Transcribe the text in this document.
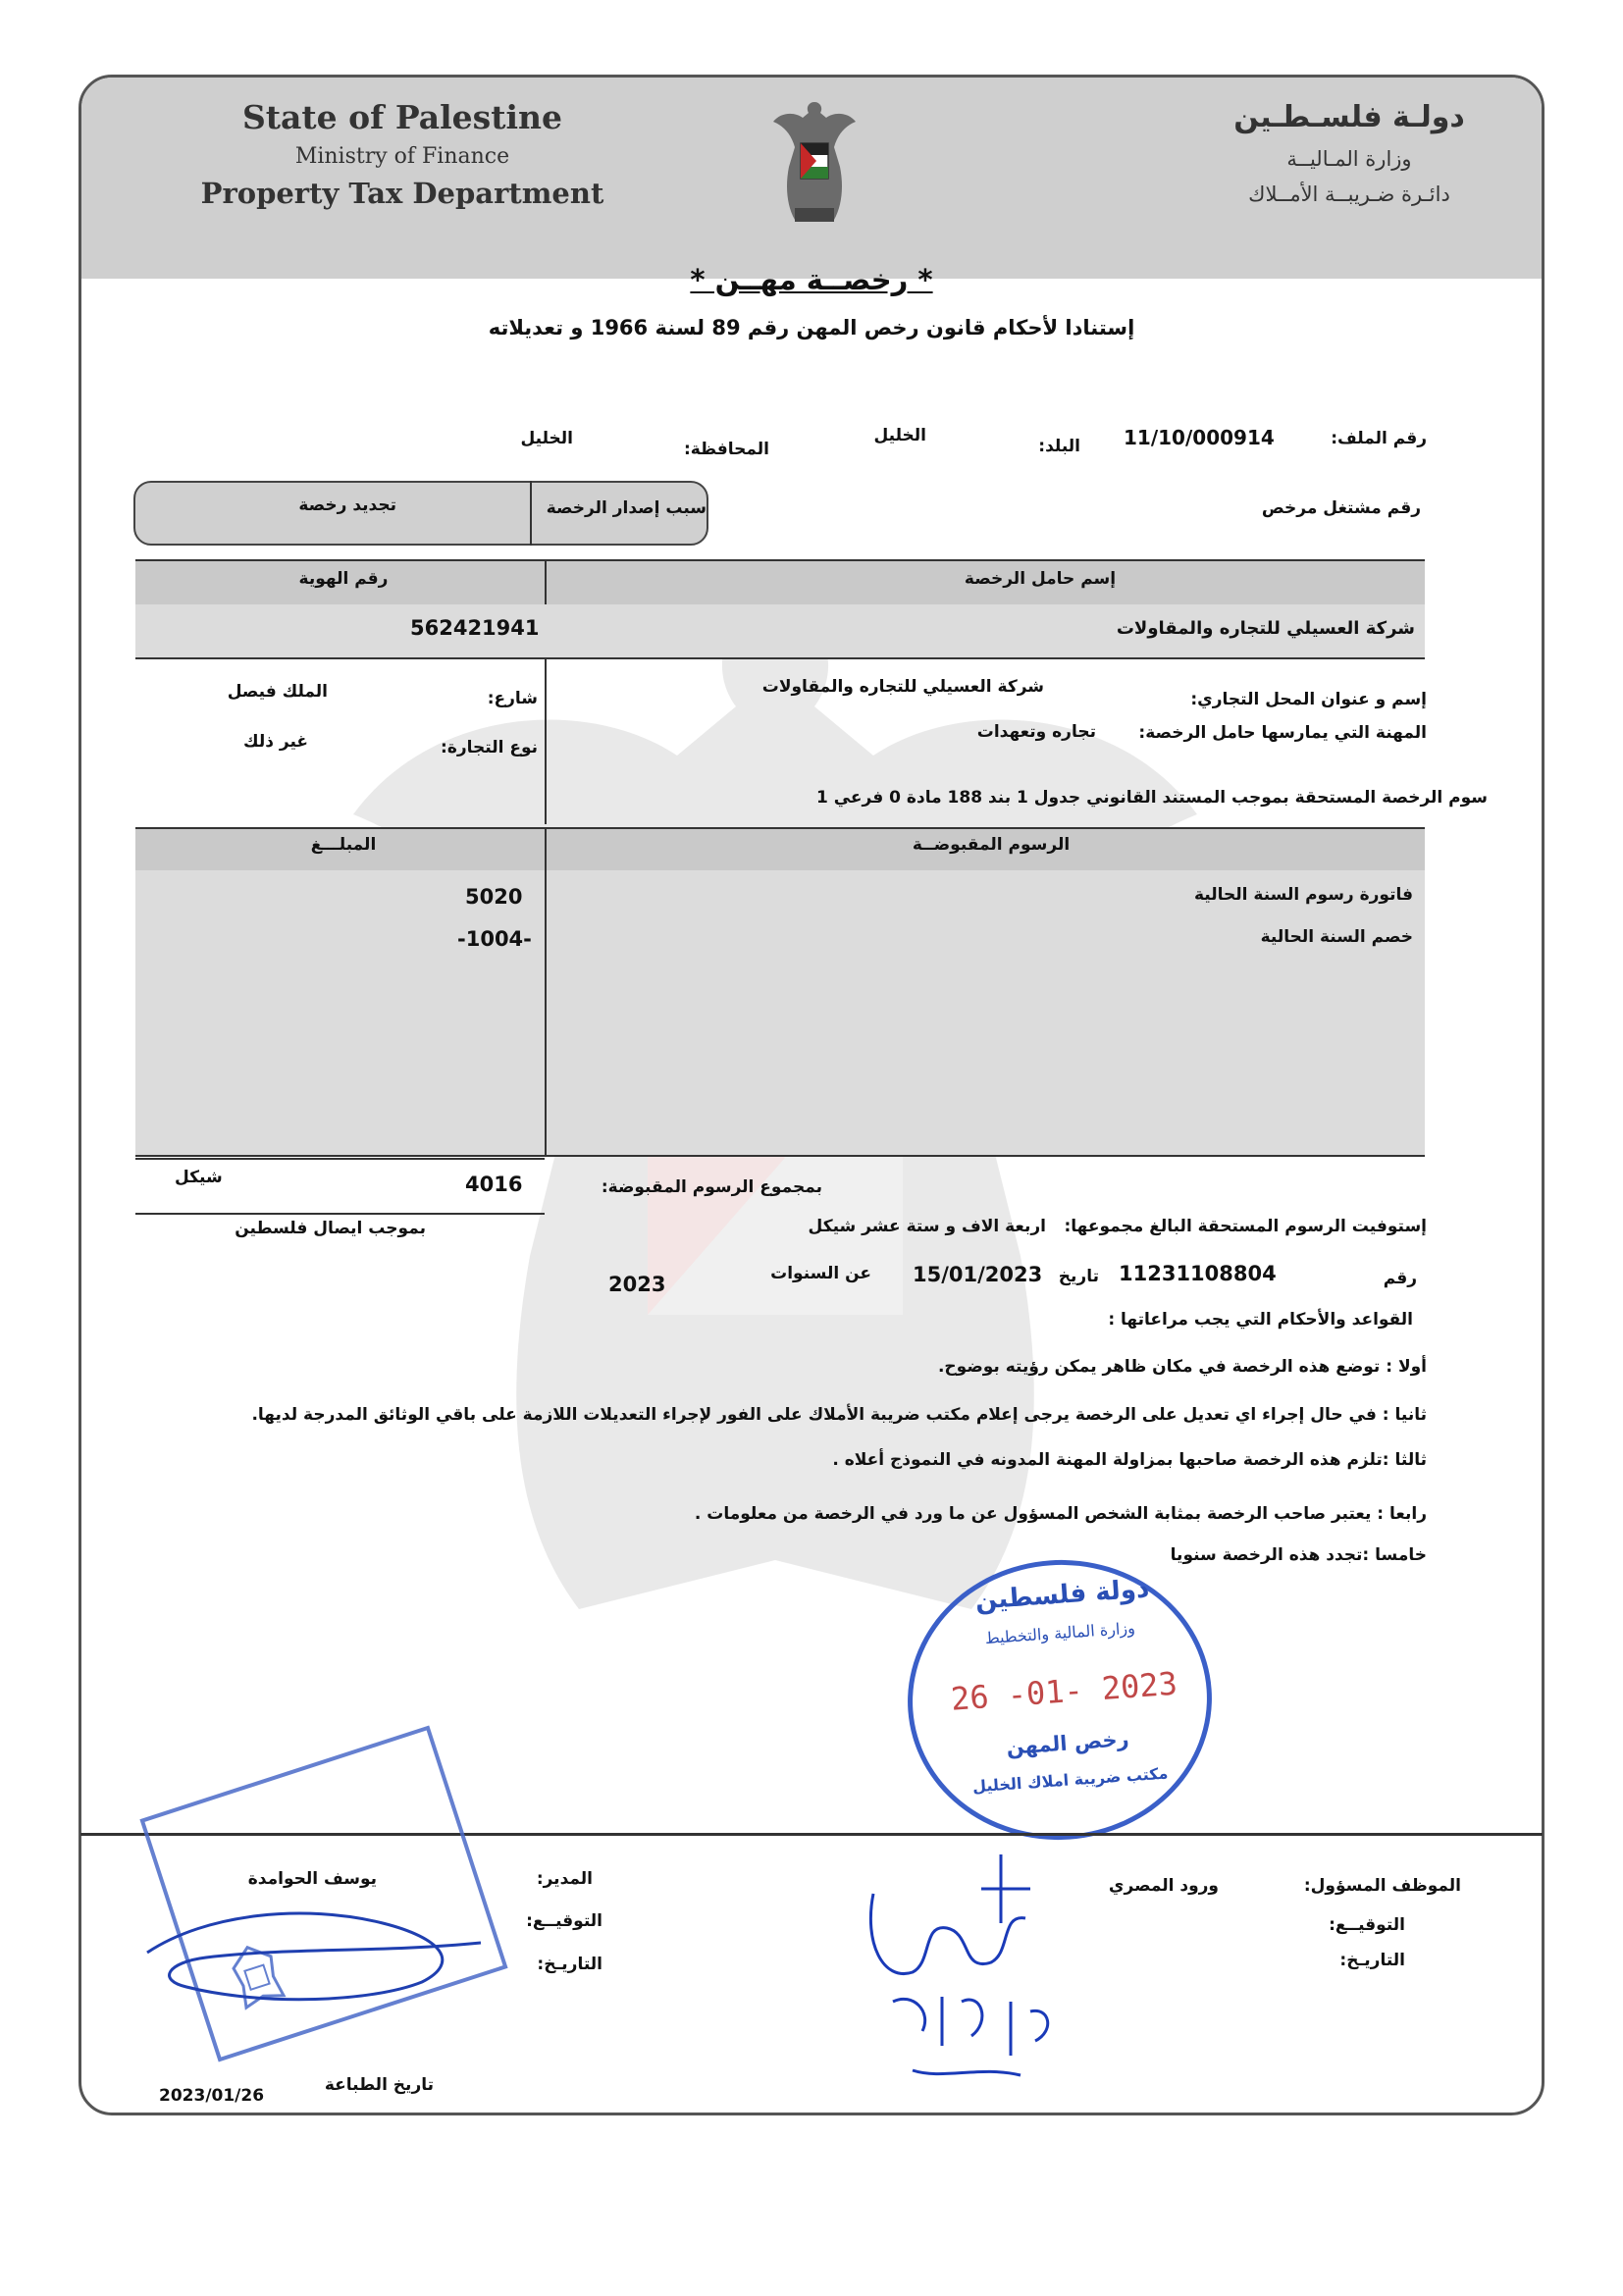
State of Palestine
Ministry of Finance
Property Tax Department
دولـة فلسـطـين
وزارة المـاليــة
دائـرة ضـريبــة الأمــلاك
* رخصــة مهــن *
إستنادا لأحكام قانون رخص المهن رقم 89 لسنة 1966 و تعديلاته
رقم الملف:
11/10/000914
البلد:
الخليل
المحافظة:
الخليل
رقم مشتغل مرخص
سبب إصدار الرخصة
تجديد رخصة
إسم حامل الرخصة
رقم الهوية
شركة العسيلي للتجاره والمقاولات
562421941
إسم و عنوان المحل التجاري:
شركة العسيلي للتجاره والمقاولات
المهنة التي يمارسها حامل الرخصة:
تجاره وتعهدات
شارع:
الملك فيصل
نوع التجارة:
غير ذلك
سوم الرخصة المستحقة بموجب المستند القانوني جدول 1 بند 188 مادة 0 فرعي 1
الرسوم المقبوضــة
المبلـــغ
فاتورة رسوم السنة الحالية
5020
خصم السنة الحالية
-1004-
بمجموع الرسوم المقبوضة:
4016
شيكل
إستوفيت الرسوم المستحقة البالغ مجموعها:
اربعة الاف و ستة عشر شيكل
بموجب ايصال فلسطين
رقم
11231108804
تاريخ
15/01/2023
عن السنوات
2023
القواعد والأحكام التي يجب مراعاتها :
أولا : توضع هذه الرخصة في مكان ظاهر يمكن رؤيته بوضوح.
ثانيا : في حال إجراء اي تعديل على الرخصة يرجى إعلام مكتب ضريبة الأملاك على الفور لإجراء التعديلات اللازمة على باقي الوثائق المدرجة لديها.
ثالثا :تلزم هذه الرخصة صاحبها بمزاولة المهنة المدونه في النموذج أعلاه .
رابعا : يعتبر صاحب الرخصة بمثابة الشخص المسؤول عن ما ورد في الرخصة من معلومات .
خامسا :تجدد هذه الرخصة سنويا
دولة فلسطين
وزارة المالية والتخطيط
26 -01- 2023
رخص المهن
مكتب ضريبة املاك الخليل
الموظف المسؤول:
ورود المصري
التوقيــع:
التاريـخ:
المدير:
يوسف الحوامدة
التوقيــع:
التاريـخ:
تاريخ الطباعة
2023/01/26
